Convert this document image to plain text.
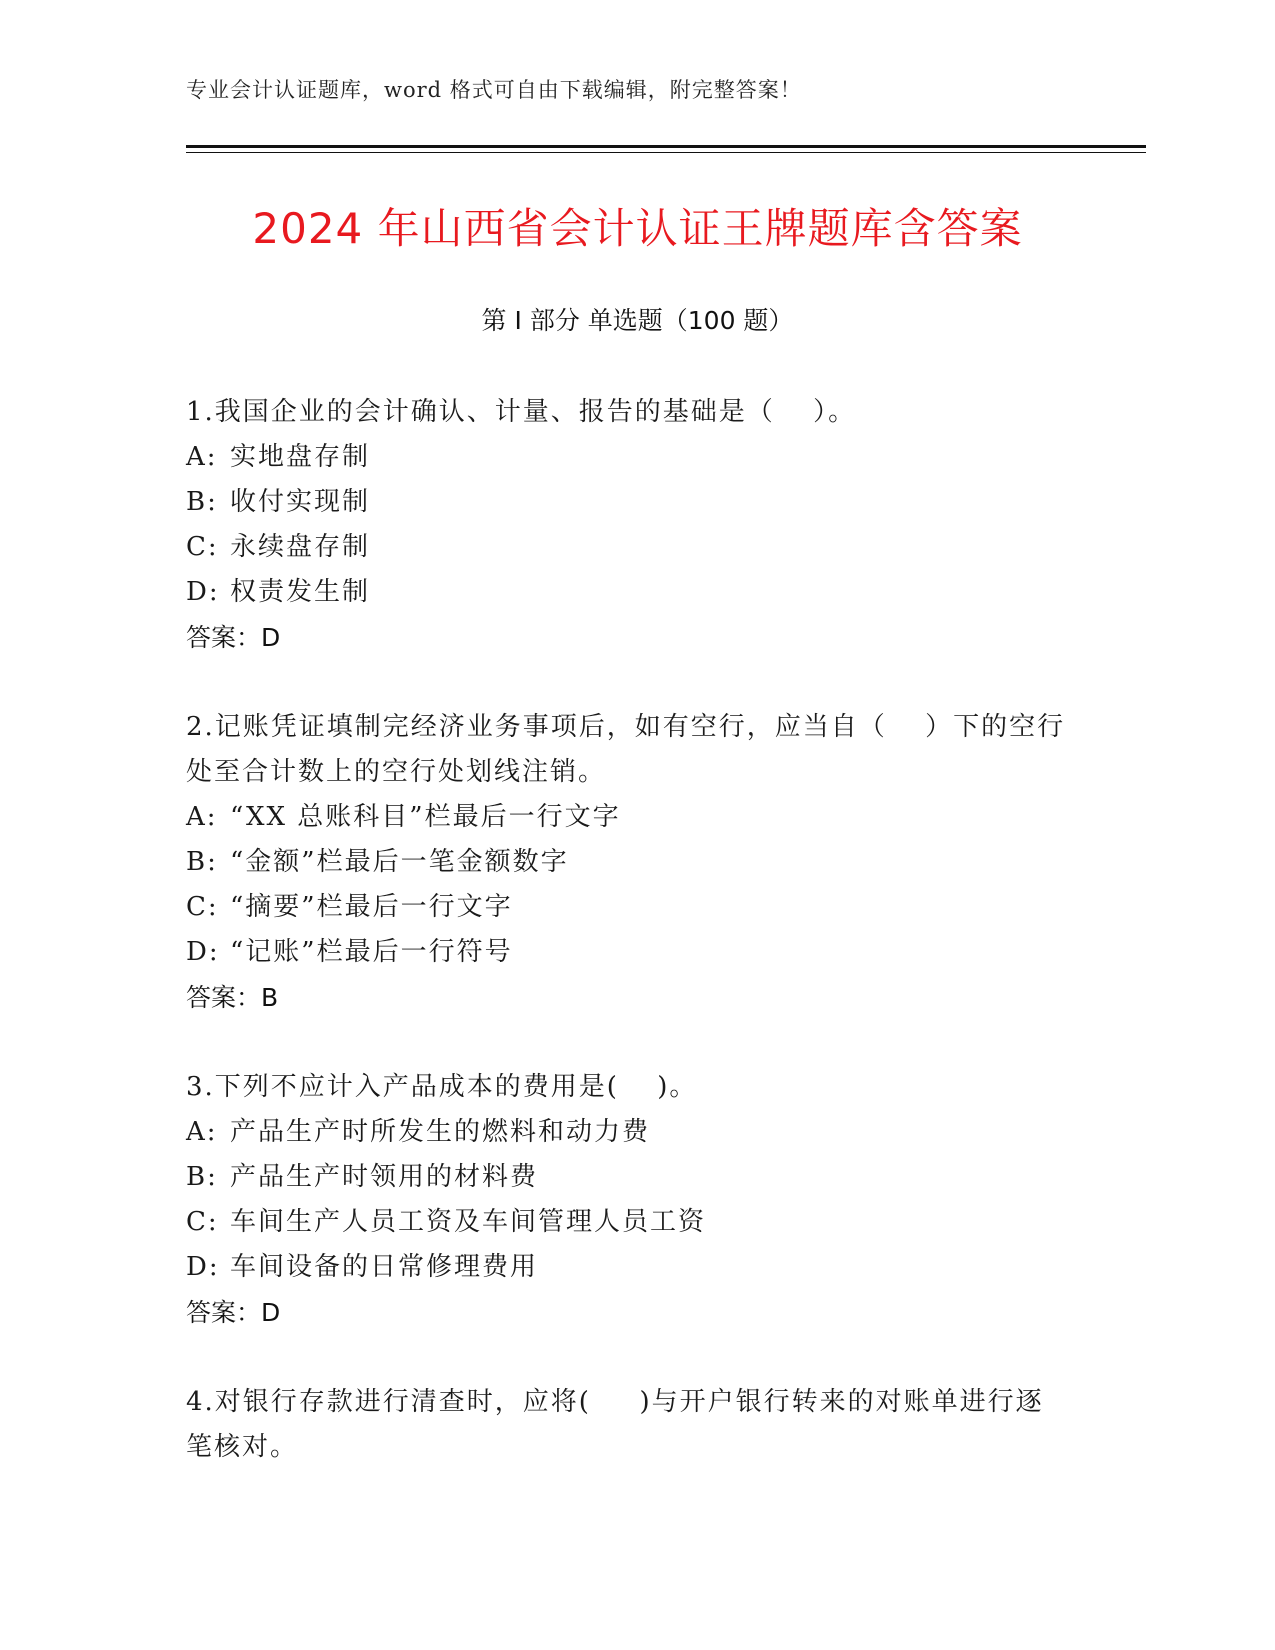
专业会计认证题库，word 格式可自由下载编辑，附完整答案！
2024 年山西省会计认证王牌题库含答案
第 I 部分 单选题（100 题）
1.我国企业的会计确认、计量、报告的基础是（　 ）。
A: 实地盘存制
B: 收付实现制
C: 永续盘存制
D: 权责发生制
答案：D
2.记账凭证填制完经济业务事项后，如有空行，应当自（　 ）下的空行处至合计数上的空行处划线注销。
A: “XX 总账科目”栏最后一行文字
B: “金额”栏最后一笔金额数字
C: “摘要”栏最后一行文字
D: “记账”栏最后一行符号
答案：B
3.下列不应计入产品成本的费用是( 　)。
A: 产品生产时所发生的燃料和动力费
B: 产品生产时领用的材料费
C: 车间生产人员工资及车间管理人员工资
D: 车间设备的日常修理费用
答案：D
4.对银行存款进行清查时，应将( 　 )与开户银行转来的对账单进行逐笔核对。
